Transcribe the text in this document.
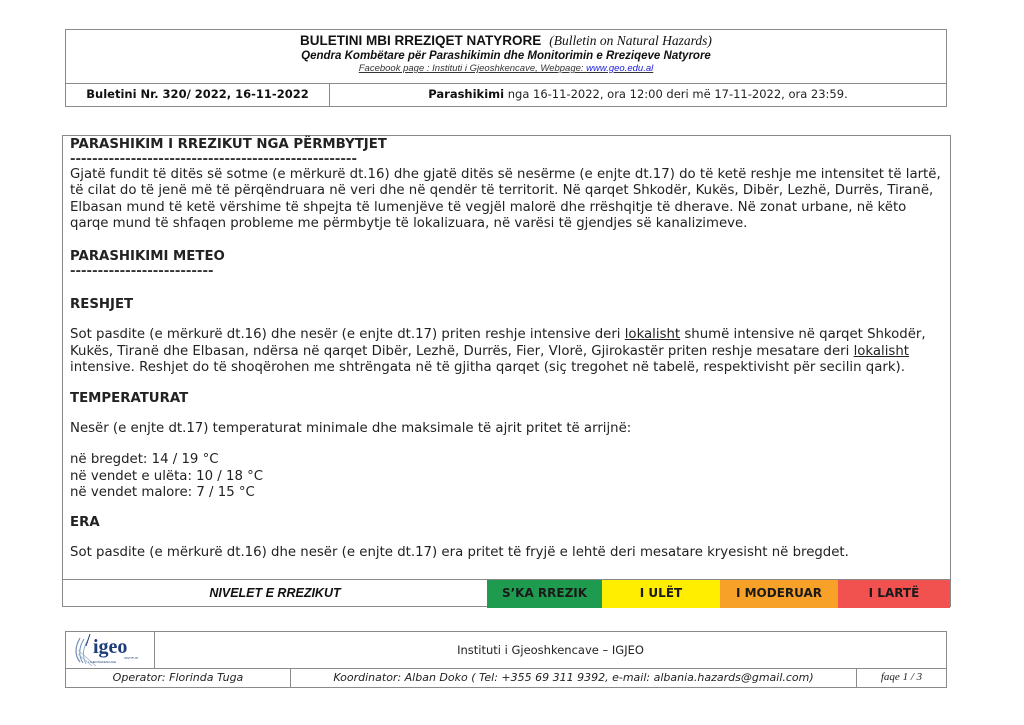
BULETINI MBI RREZIQET NATYRORE (Bulletin on Natural Hazards)
Qendra Kombëtare për Parashikimin dhe Monitorimin e Rreziqeve Natyrore
Facebook page : Instituti i Gjeoshkencave, Webpage: www.geo.edu.al
Buletini Nr. 320/ 2022, 16-11-2022	Parashikimi nga 16-11-2022, ora 12:00 deri më 17-11-2022, ora 23:59.
PARASHIKIM I RREZIKUT NGA PËRMBYTJET
----------------------------------------------------

Gjatë fundit të ditës së sotme (e mërkurë dt.16) dhe gjatë ditës së nesërme (e enjte dt.17) do të ketë reshje me intensitet të lartë, të cilat do të jenë më të përqëndruara në veri dhe në qendër të territorit. Në qarqet Shkodër, Kukës, Dibër, Lezhë, Durrës, Tiranë, Elbasan mund të ketë vërshime të shpejta të lumenjëve të vegjël malorë dhe rrëshqitje të dherave. Në zonat urbane, në këto qarqe mund të shfaqen probleme me përmbytje të lokalizuara, në varësi të gjendjes së kanalizimeve.

PARASHIKIMI METEO
--------------------------
RESHJET

Sot pasdite (e mërkurë dt.16) dhe nesër (e enjte dt.17) priten reshje intensive deri lokalisht shumë intensive në qarqet Shkodër, Kukës, Tiranë dhe Elbasan, ndërsa në qarqet Dibër, Lezhë, Durrës, Fier, Vlorë, Gjirokastër priten reshje mesatare deri lokalisht intensive. Reshjet do të shoqërohen me shtrëngata në të gjitha qarqet (siç tregohet në tabelë, respektivisht për secilin qark).

TEMPERATURAT

Nesër (e enjte dt.17) temperaturat minimale dhe maksimale të ajrit pritet të arrijnë:

në bregdet: 14 / 19 °C
në vendet e ulëta: 10 / 18 °C
në vendet malore: 7 / 15 °C
ERA

Sot pasdite (e mërkurë dt.16) dhe nesër (e enjte dt.17) era pritet të fryjë e lehtë deri mesatare kryesisht në bregdet.

NIVELET E RREZIKUT	S’KA RREZIK	I ULËT	I MODERUAR	I LARTË
igeo
INSTITUTI
I GJEOSHKENCAVE
Instituti i Gjeoshkencave – IGJEO
Operator: Florinda Tuga	Koordinator: Alban Doko ( Tel: +355 69 311 9392, e-mail: albania.hazards@gmail.com)	faqe 1 / 3
